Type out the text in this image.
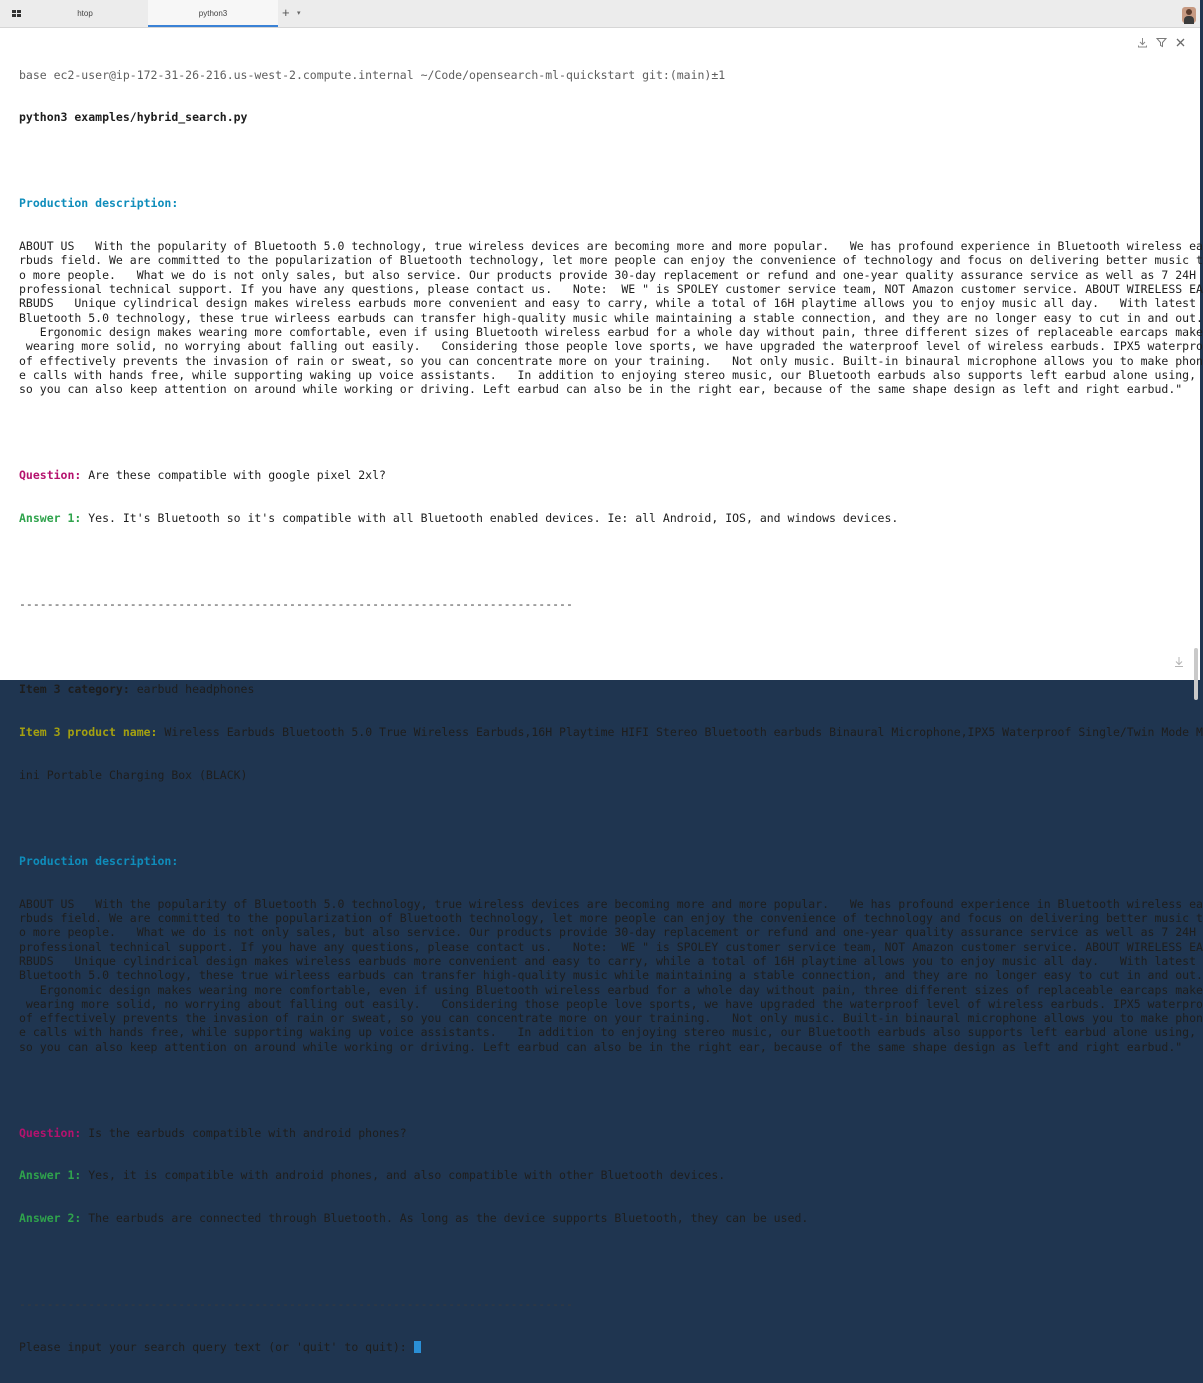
htop	python3	+ ▾

base ec2-user@ip-172-31-26-216.us-west-2.compute.internal ~/Code/opensearch-ml-quickstart git:(main)±1

python3 examples/hybrid_search.py

Production description:

ABOUT US   With the popularity of Bluetooth 5.0 technology, true wireless devices are becoming more and more popular.   We has profound experience in Bluetooth wireless ea
rbuds field. We are committed to the popularization of Bluetooth technology, let more people can enjoy the convenience of technology and focus on delivering better music t
o more people.   What we do is not only sales, but also service. Our products provide 30-day replacement or refund and one-year quality assurance service as well as 7 24H
professional technical support. If you have any questions, please contact us.   Note:  WE " is SPOLEY customer service team, NOT Amazon customer service. ABOUT WIRELESS EA
RBUDS   Unique cylindrical design makes wireless earbuds more convenient and easy to carry, while a total of 16H playtime allows you to enjoy music all day.   With latest
Bluetooth 5.0 technology, these true wirleess earbuds can transfer high-quality music while maintaining a stable connection, and they are no longer easy to cut in and out.
Ergonomic design makes wearing more comfortable, even if using Bluetooth wireless earbud for a whole day without pain, three different sizes of replaceable earcaps make
wearing more solid, no worrying about falling out easily.   Considering those people love sports, we have upgraded the waterproof level of wireless earbuds. IPX5 waterpro
of effectively prevents the invasion of rain or sweat, so you can concentrate more on your training.   Not only music. Built-in binaural microphone allows you to make phon
e calls with hands free, while supporting waking up voice assistants.   In addition to enjoying stereo music, our Bluetooth earbuds also supports left earbud alone using,
so you can also keep attention on around while working or driving. Left earbud can also be in the right ear, because of the same shape design as left and right earbud."

Question: Are these compatible with google pixel 2xl?

Answer 1: Yes. It's Bluetooth so it's compatible with all Bluetooth enabled devices. Ie: all Android, IOS, and windows devices.

--------------------------------------------------------------------------------

Item 3 category: earbud headphones

Item 3 product name: Wireless Earbuds Bluetooth 5.0 True Wireless Earbuds,16H Playtime HIFI Stereo Bluetooth earbuds Binaural Microphone,IPX5 Waterproof Single/Twin Mode M

ini Portable Charging Box (BLACK)

Production description:

ABOUT US   With the popularity of Bluetooth 5.0 technology, true wireless devices are becoming more and more popular.   We has profound experience in Bluetooth wireless ea
rbuds field. We are committed to the popularization of Bluetooth technology, let more people can enjoy the convenience of technology and focus on delivering better music t
o more people.   What we do is not only sales, but also service. Our products provide 30-day replacement or refund and one-year quality assurance service as well as 7 24H
professional technical support. If you have any questions, please contact us.   Note:  WE " is SPOLEY customer service team, NOT Amazon customer service. ABOUT WIRELESS EA
RBUDS   Unique cylindrical design makes wireless earbuds more convenient and easy to carry, while a total of 16H playtime allows you to enjoy music all day.   With latest
Bluetooth 5.0 technology, these true wirleess earbuds can transfer high-quality music while maintaining a stable connection, and they are no longer easy to cut in and out.
Ergonomic design makes wearing more comfortable, even if using Bluetooth wireless earbud for a whole day without pain, three different sizes of replaceable earcaps make
wearing more solid, no worrying about falling out easily.   Considering those people love sports, we have upgraded the waterproof level of wireless earbuds. IPX5 waterpro
of effectively prevents the invasion of rain or sweat, so you can concentrate more on your training.   Not only music. Built-in binaural microphone allows you to make phon
e calls with hands free, while supporting waking up voice assistants.   In addition to enjoying stereo music, our Bluetooth earbuds also supports left earbud alone using,
so you can also keep attention on around while working or driving. Left earbud can also be in the right ear, because of the same shape design as left and right earbud."

Question: Is the earbuds compatible with android phones?

Answer 1: Yes, it is compatible with android phones, and also compatible with other Bluetooth devices.

Answer 2: The earbuds are connected through Bluetooth. As long as the device supports Bluetooth, they can be used.

--------------------------------------------------------------------------------

Please input your search query text (or 'quit' to quit):
